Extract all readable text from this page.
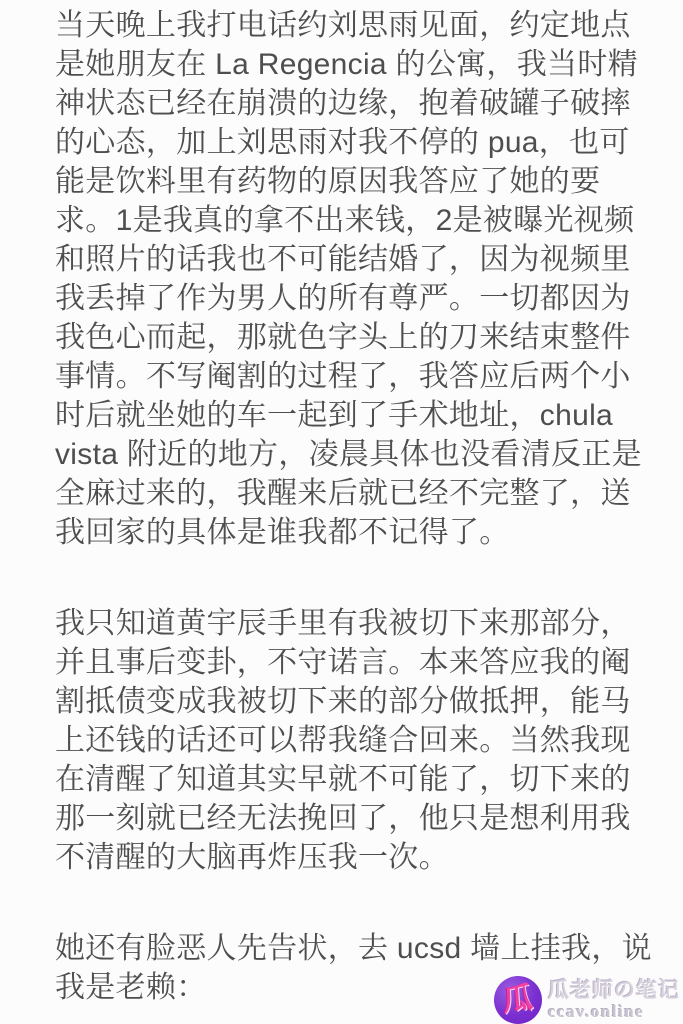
当天晚上我打电话约刘思雨见面，约定地点
是她朋友在 La Regencia 的公寓，我当时精
神状态已经在崩溃的边缘，抱着破罐子破摔
的心态，加上刘思雨对我不停的 pua，也可
能是饮料里有药物的原因我答应了她的要
求。1是我真的拿不出来钱，2是被曝光视频
和照片的话我也不可能结婚了，因为视频里
我丢掉了作为男人的所有尊严。一切都因为
我色心而起，那就色字头上的刀来结束整件
事情。不写阉割的过程了，我答应后两个小
时后就坐她的车一起到了手术地址，chula
vista 附近的地方，凌晨具体也没看清反正是
全麻过来的，我醒来后就已经不完整了，送
我回家的具体是谁我都不记得了。
我只知道黄宇辰手里有我被切下来那部分，
并且事后变卦，不守诺言。本来答应我的阉
割抵债变成我被切下来的部分做抵押，能马
上还钱的话还可以帮我缝合回来。当然我现
在清醒了知道其实早就不可能了，切下来的
那一刻就已经无法挽回了，他只是想利用我
不清醒的大脑再炸压我一次。
她还有脸恶人先告状，去 ucsd 墙上挂我，说
我是老赖：	瓜 瓜老师の笔记
ccav.online
